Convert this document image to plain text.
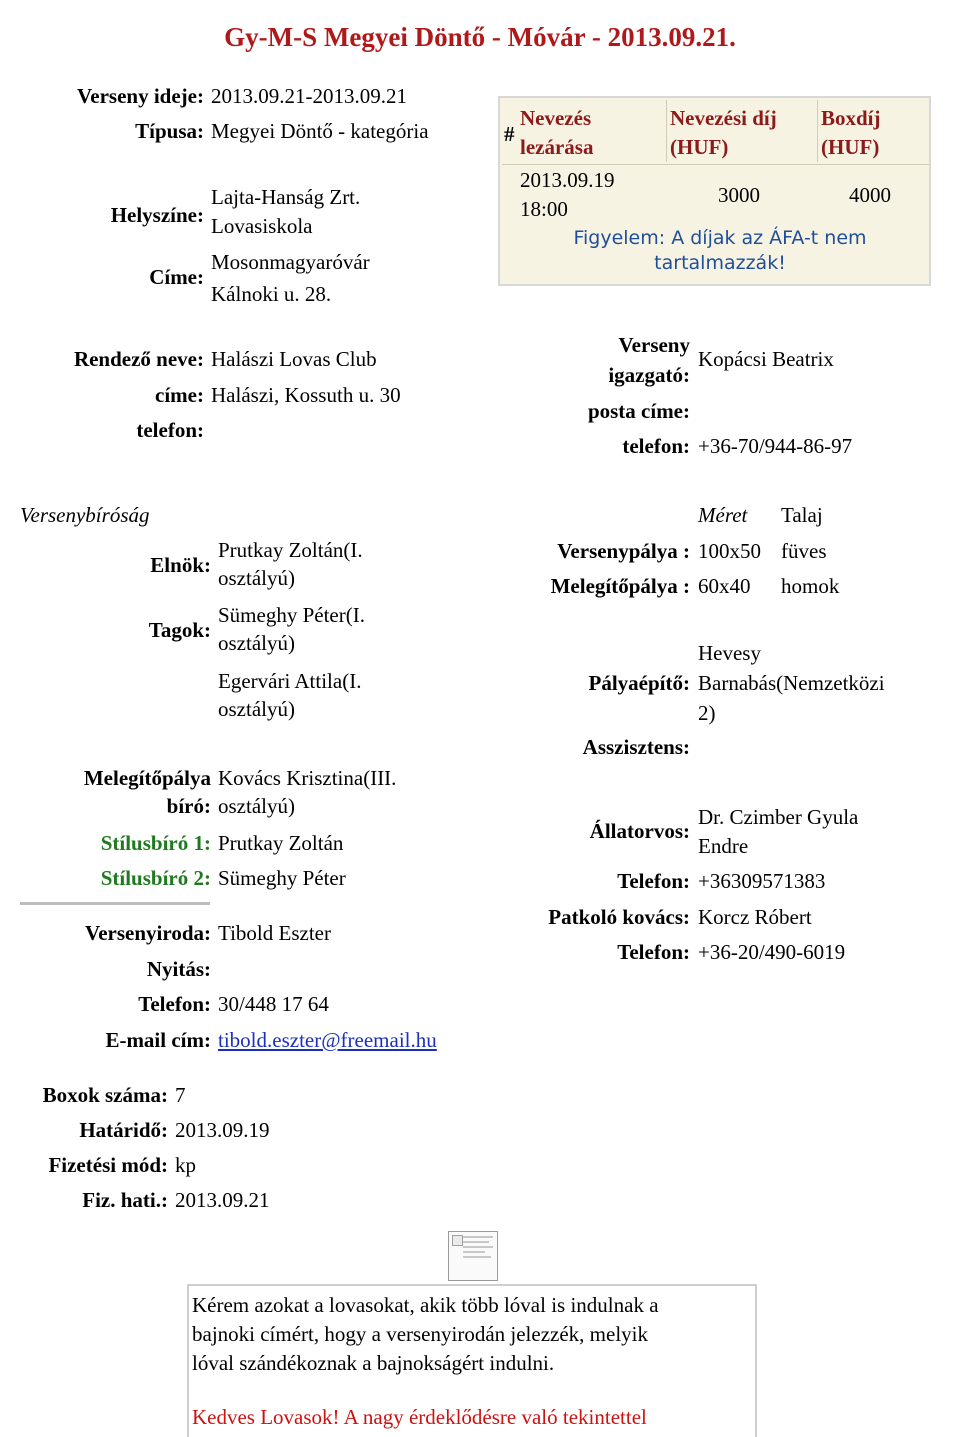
Gy-M-S Megyei Döntő - Móvár - 2013.09.21.
Verseny ideje: 2013.09.21-2013.09.21
Típusa: Megyei Döntő - kategória
Helyszíne:
Lajta-Hanság Zrt.
Lovasiskola
Címe:
Mosonmagyaróvár
Kálnoki u. 28.
#
Nevezés
lezárása
Nevezési díj
(HUF)
Boxdíj
(HUF)
2013.09.19
18:00
3000	4000
Figyelem: A díjak az ÁFA-t nem tartalmazzák!
Rendező neve: Halászi Lovas Club
címe: Halászi, Kossuth u. 30
telefon:
Verseny
igazgató:
Kopácsi Beatrix
posta címe:
telefon: +36-70/944-86-97
Versenybíróság
Elnök:
Prutkay Zoltán(I.
osztályú)
Tagok:
Sümeghy Péter(I.
osztályú)
Egervári Attila(I.
osztályú)
Melegítőpálya
bíró:
Kovács Krisztina(III.
osztályú)
Stílusbíró 1: Prutkay Zoltán
Stílusbíró 2: Sümeghy Péter
Versenyiroda: Tibold Eszter
Nyitás:
Telefon: 30/448 17 64
E-mail cím: tibold.eszter@freemail.hu
Méret Talaj
Versenypálya : 100x50 füves
Melegítőpálya : 60x40 homok
Pályaépítő:
Hevesy
Barnabás(Nemzetközi
2)
Asszisztens:
Állatorvos:
Dr. Czimber Gyula
Endre
Telefon: +36309571383
Patkoló kovács: Korcz Róbert
Telefon: +36-20/490-6019
Boxok száma: 7
Határidő: 2013.09.19
Fizetési mód: kp
Fiz. hati.: 2013.09.21
Kérem azokat a lovasokat, akik több lóval is indulnak a
bajnoki címért, hogy a versenyirodán jelezzék, melyik
lóval szándékoznak a bajnokságért indulni.
Kedves Lovasok! A nagy érdeklődésre való tekintettel
